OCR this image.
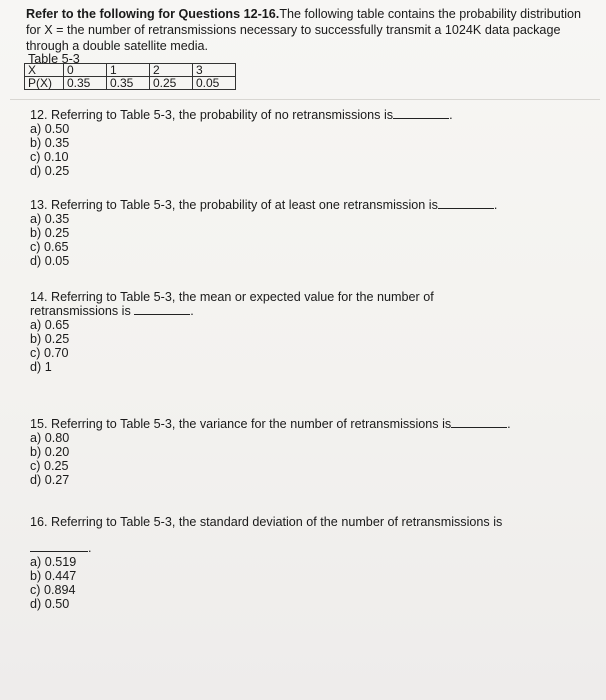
Refer to the following for Questions 12-16.The following table contains the probability distribution for X = the number of retransmissions necessary to successfully transmit a 1024K data package through a double satellite media.
Table 5-3
X	0	1	2	3
P(X)	0.35	0.35	0.25	0.05

12. Referring to Table 5-3, the probability of no retransmissions is	.

a) 0.50

b) 0.35

c) 0.10

d) 0.25

13. Referring to Table 5-3, the probability of at least one retransmission is	.

a) 0.35

b) 0.25

c) 0.65

d) 0.05

14. Referring to Table 5-3, the mean or expected value for the number of

retransmissions is	.

a) 0.65

b) 0.25

c) 0.70

d) 1

15. Referring to Table 5-3, the variance for the number of retransmissions is	.

a) 0.80

b) 0.20

c) 0.25

d) 0.27

16. Referring to Table 5-3, the standard deviation of the number of retransmissions is

.

a) 0.519

b) 0.447

c) 0.894

d) 0.50
